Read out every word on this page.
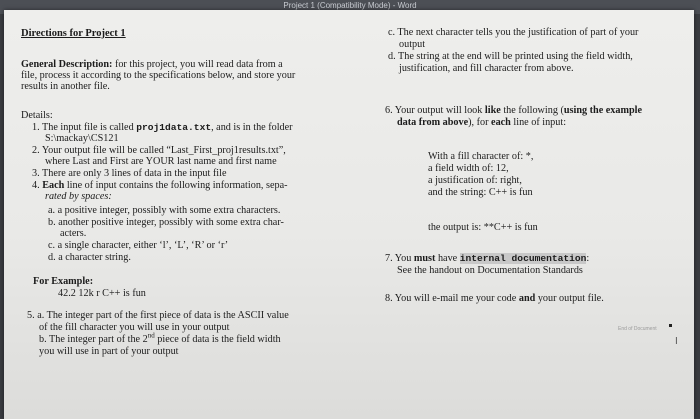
Project 1 (Compatibility Mode) - Word
Directions for Project 1
General Description: for this project, you will read data from a
file, process it according to the specifications below, and store your
results in another file.
Details:
1. The input file is called proj1data.txt, and is in the folder
S:\mackay\CS121
2. Your output file will be called “Last_First_proj1results.txt”,
where Last and First are YOUR last name and first name
3. There are only 3 lines of data in the input file
4. Each line of input contains the following information, sepa-
rated by spaces:
a. a positive integer, possibly with some extra characters.
b. another positive integer, possibly with some extra char-
acters.
c. a single character, either ‘l’, ‘L’, ‘R’ or ‘r’
d. a character string.
For Example:
42.2 12k r C++ is fun
5. a. The integer part of the first piece of data is the ASCII value
of the fill character you will use in your output
b. The integer part of the 2nd piece of data is the field width
you will use in part of your output
c. The next character tells you the justification of part of your
output
d. The string at the end will be printed using the field width,
justification, and fill character from above.
6. Your output will look like the following (using the example
data from above), for each line of input:
With a fill character of: *,
a field width of: 12,
a justification of: right,
and the string: C++ is fun
the output is: **C++ is fun
7. You must have internal documentation:
See the handout on Documentation Standards
8. You will e-mail me your code and your output file.
End of Document
I
